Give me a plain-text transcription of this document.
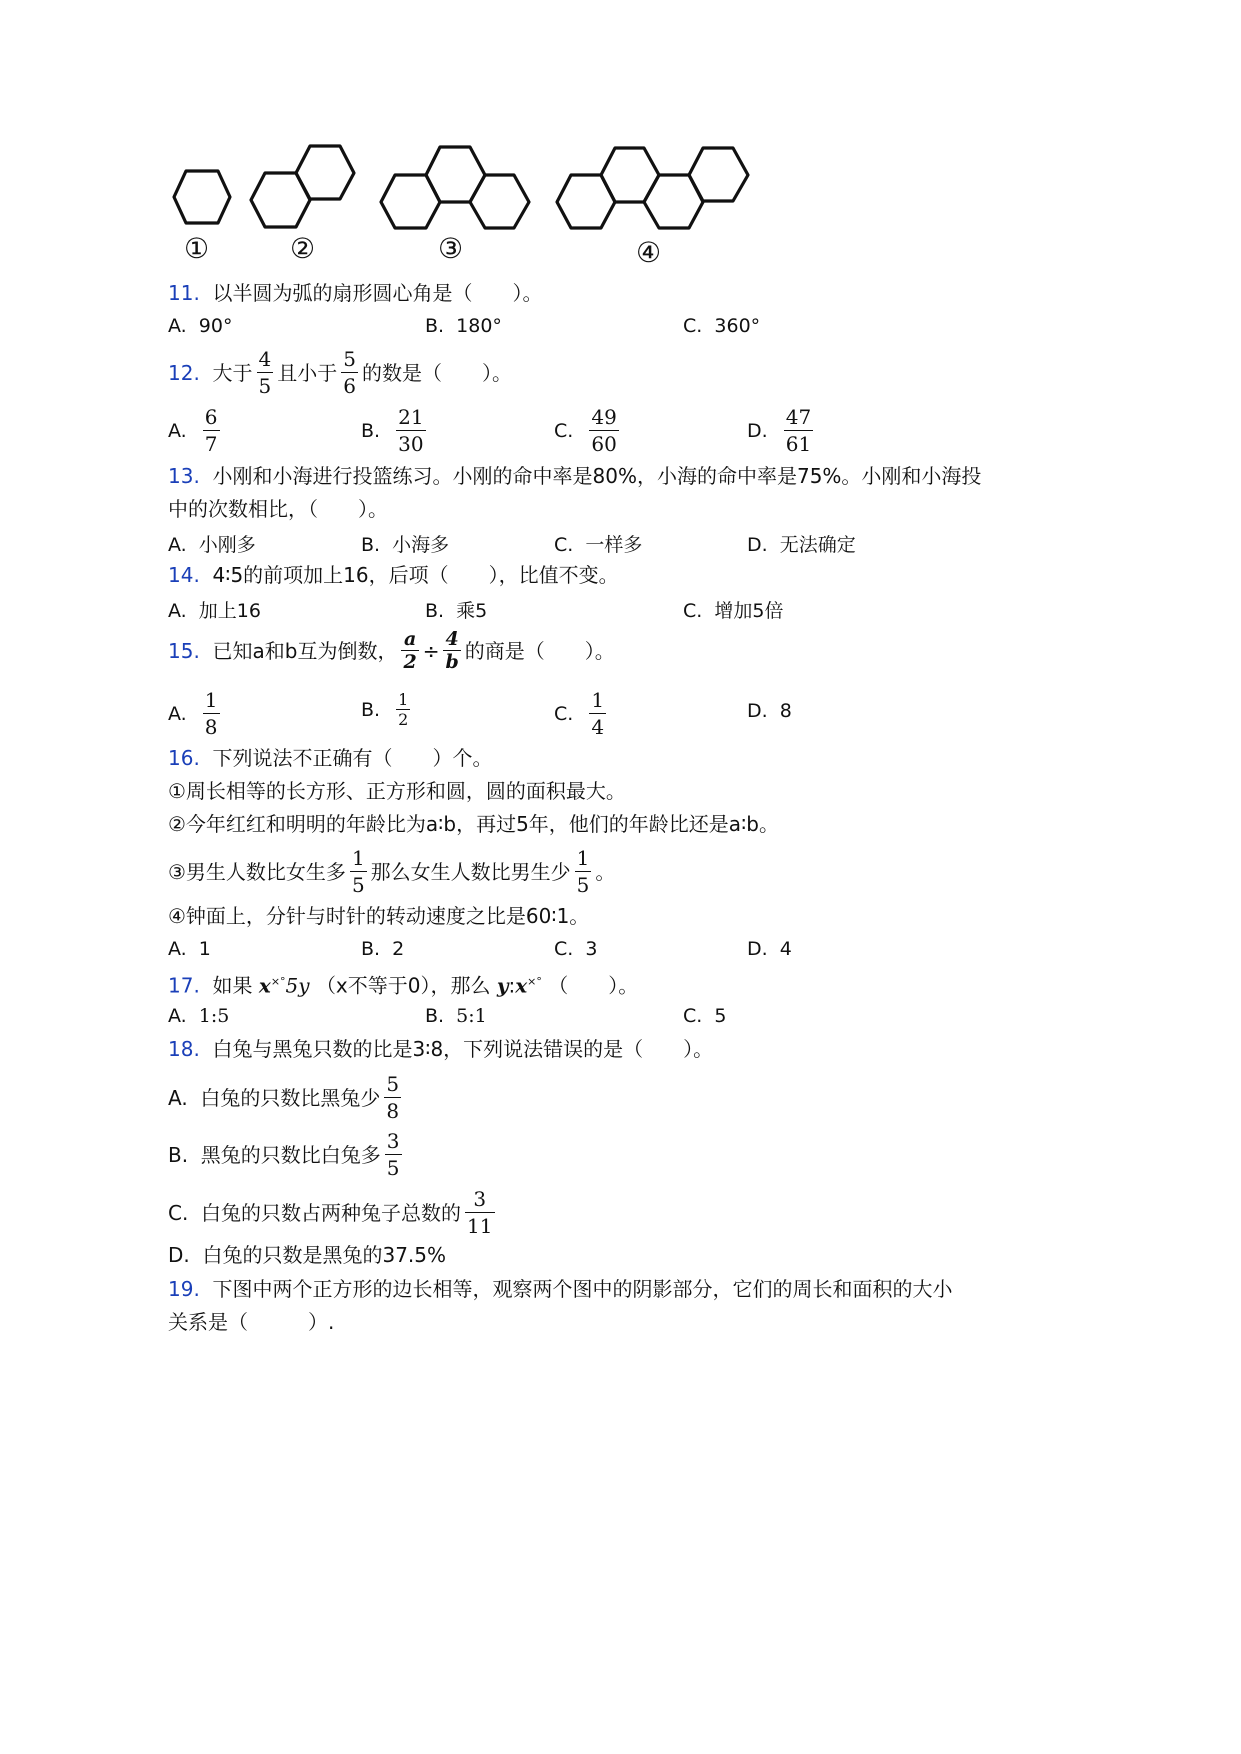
①	②	③	④
11. 以半圆为弧的扇形圆心角是（　　）。
A. 90°	B. 180°	C. 360°
12.
大于 $\frac{4}{5}$ 且小于 $\frac{5}{6}$ 的数是（　　）。
A.
$\frac{6}{7}$	B.
$\frac{21}{30}$	C.
$\frac{49}{60}$	D.
$\frac{47}{61}$
13. 小刚和小海进行投篮练习。小刚的命中率是80%，小海的命中率是75%。小刚和小海投
中的次数相比，（　　）。
A. 小刚多	B. 小海多	C. 一样多	D. 无法确定
14. 4∶5的前项加上16，后项（　　），比值不变。
A. 加上16	B. 乘5	C. 增加5倍
15.
已知a和b互为倒数， $\frac{a}{2} \div \frac{4}{b}$ 的商是（　　）。
A.
$\frac{1}{8}$	B.
$\frac{1}{2}$	C.
$\frac{1}{4}$	D. 8
16. 下列说法不正确有（　　）个。
①周长相等的长方形、正方形和圆，圆的面积最大。
②今年红红和明明的年龄比为a∶b，再过5年，他们的年龄比还是a∶b。
③男生人数比女生多 $\frac{1}{5}$ 那么女生人数比男生少 $\frac{1}{5}$ 。
④钟面上，分针与时针的转动速度之比是60∶1。
A. 1	B. 2	C. 3	D. 4
17. 如果 x×°5y （x不等于0），那么 y:x×° （　　）。
A. 1:5	B. 5:1	C. 5
18. 白兔与黑兔只数的比是3∶8，下列说法错误的是（　　）。
A.
白兔的只数比黑兔少 $\frac{5}{8}$
B.
黑兔的只数比白兔多 $\frac{3}{5}$
C.
白兔的只数占两种兔子总数的 $\frac{3}{11}$
D. 白兔的只数是黑兔的37.5%
19. 下图中两个正方形的边长相等，观察两个图中的阴影部分，它们的周长和面积的大小
关系是（　　　）.
